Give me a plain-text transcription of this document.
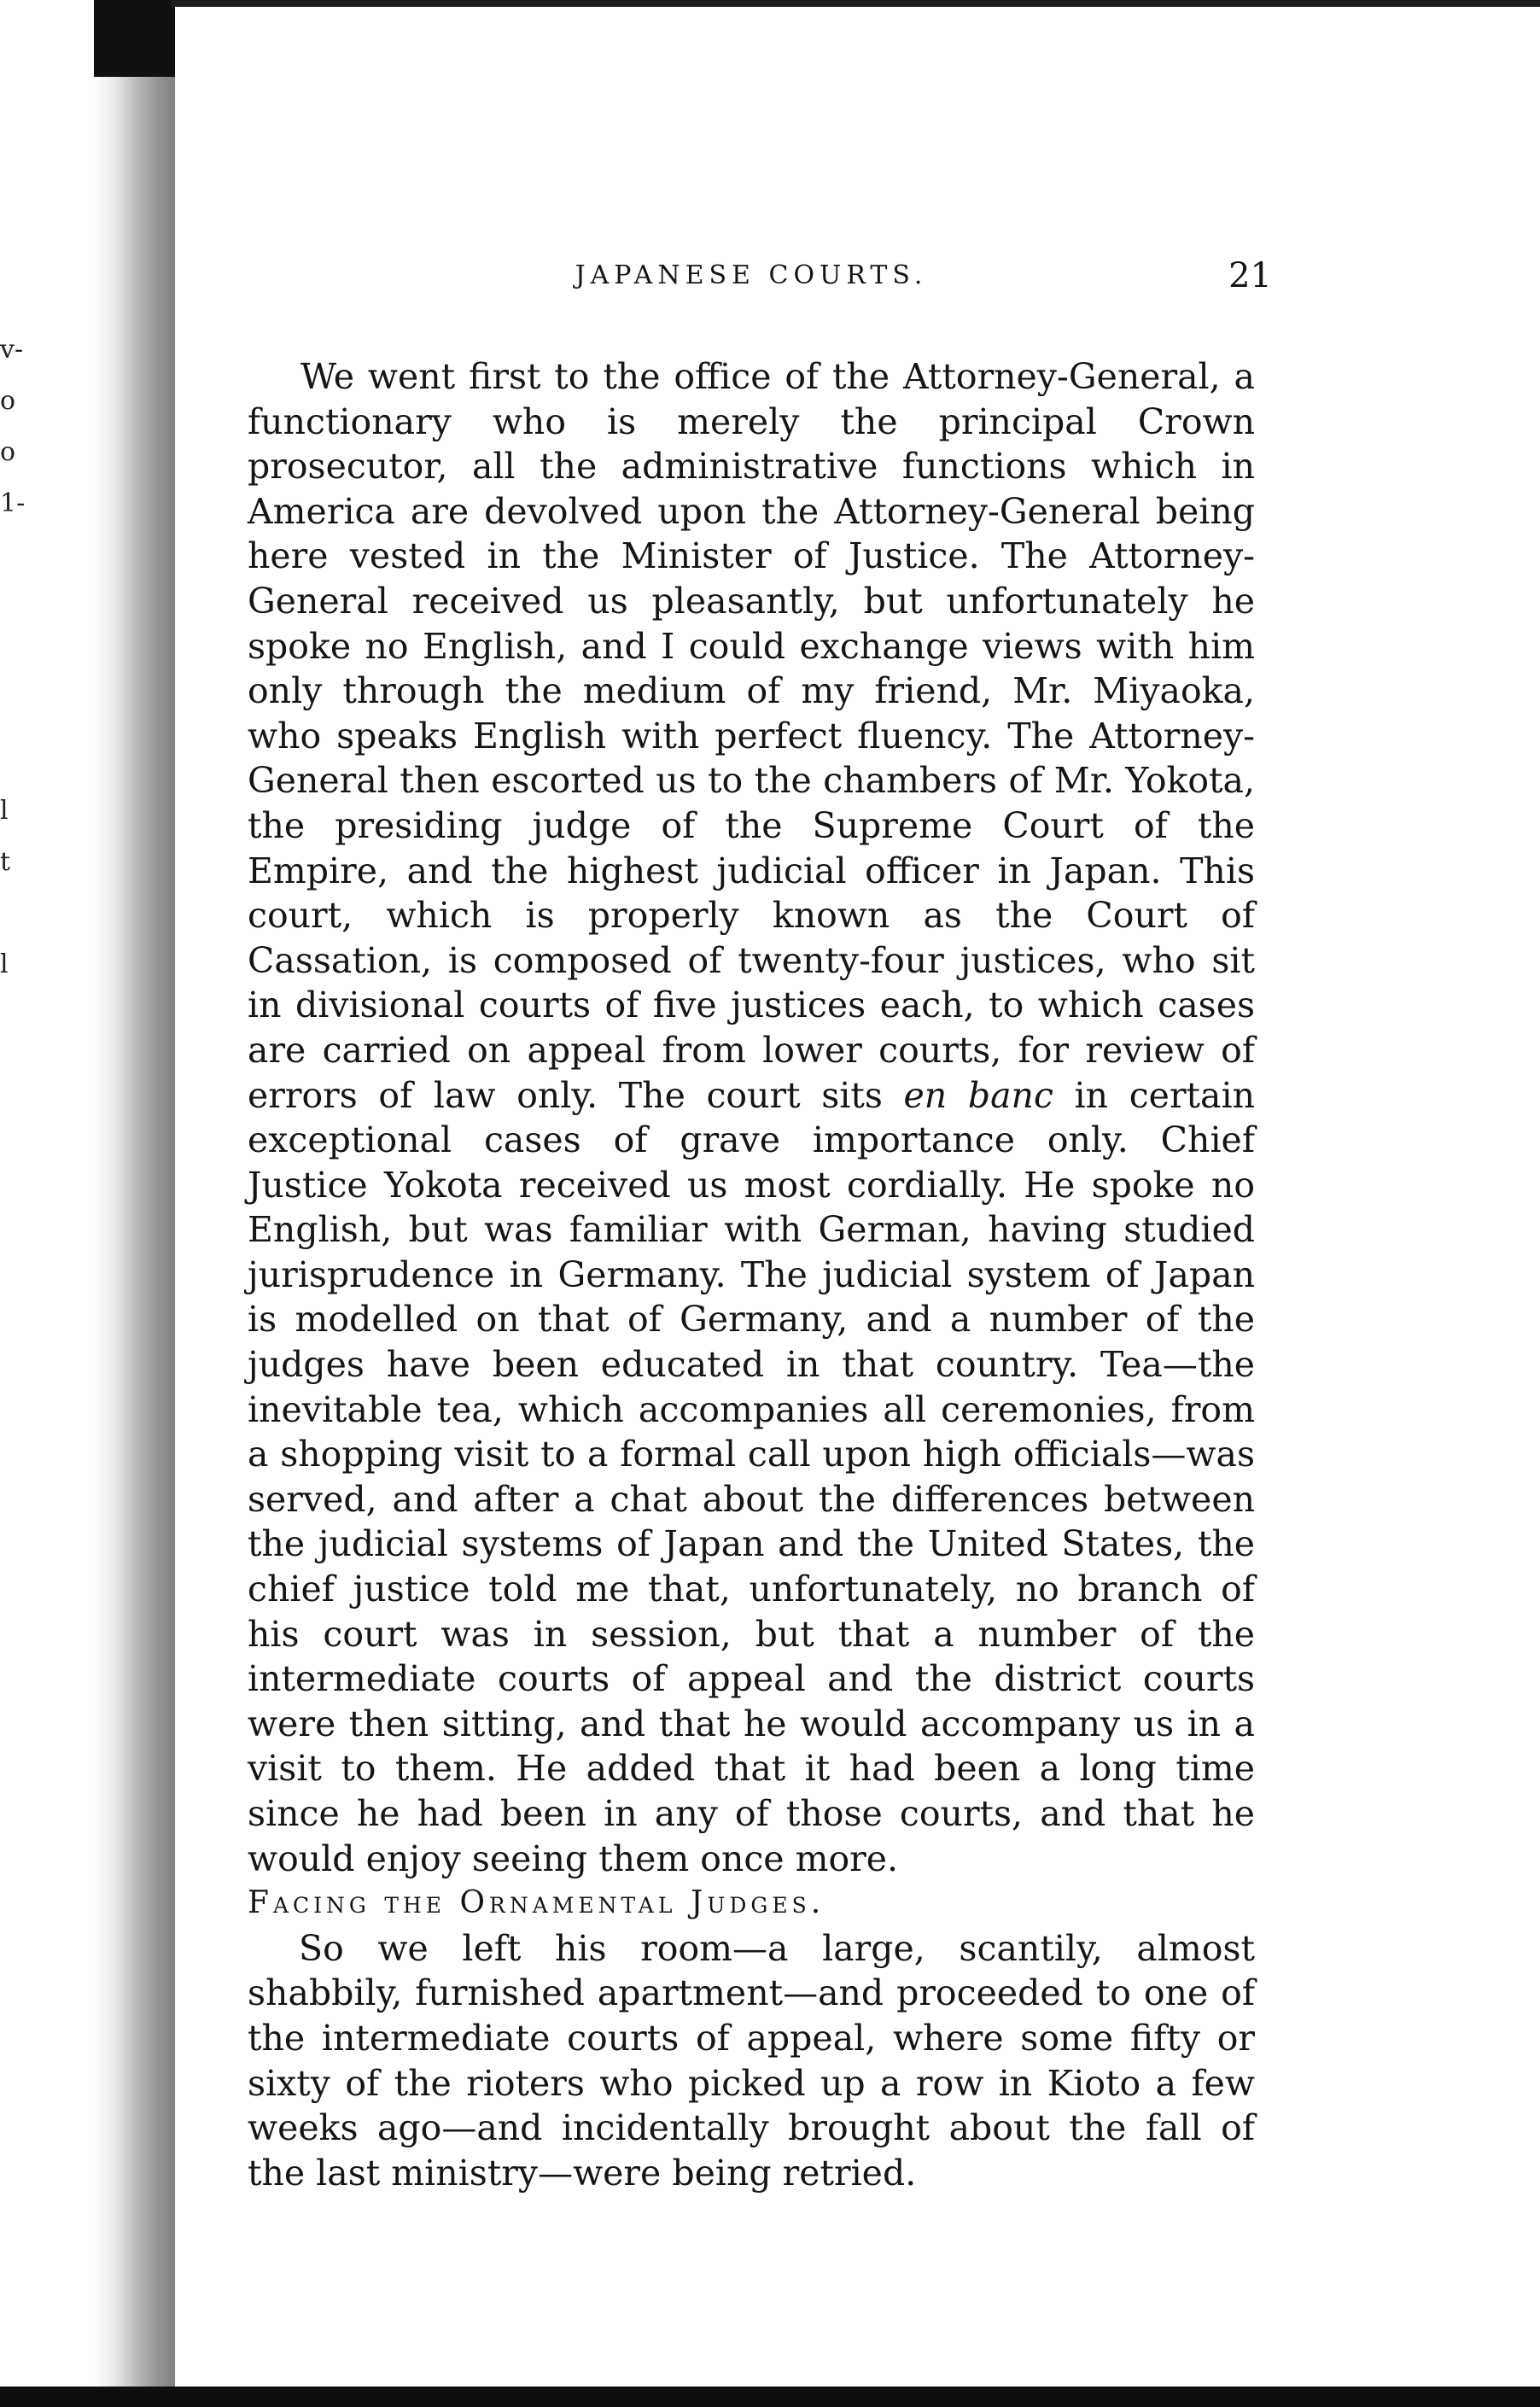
v-
o
o
1-
l
t
l
JAPANESE COURTS.	21

We went first to the office of the Attorney-General, a functionary who is merely the principal Crown prosecutor, all the administrative functions which in America are devolved upon the Attorney-General being here vested in the Minister of Justice. The Attorney-General received us pleasantly, but unfortunately he spoke no English, and I could exchange views with him only through the medium of my friend, Mr. Miyaoka, who speaks English with perfect fluency. The Attorney-General then escorted us to the chambers of Mr. Yokota, the presiding judge of the Supreme Court of the Empire, and the highest judicial officer in Japan. This court, which is properly known as the Court of Cassation, is composed of twenty-four justices, who sit in divisional courts of five justices each, to which cases are carried on appeal from lower courts, for review of errors of law only. The court sits en banc in certain exceptional cases of grave importance only. Chief Justice Yokota received us most cordially. He spoke no English, but was familiar with German, having studied jurisprudence in Germany. The judicial system of Japan is modelled on that of Germany, and a number of the judges have been educated in that country. Tea—the inevitable tea, which accompanies all ceremonies, from a shopping visit to a formal call upon high officials—was served, and after a chat about the differences between the judicial systems of Japan and the United States, the chief justice told me that, unfortunately, no branch of his court was in session, but that a number of the intermediate courts of appeal and the district courts were then sitting, and that he would accompany us in a visit to them. He added that it had been a long time since he had been in any of those courts, and that he would enjoy seeing them once more.

Facing the Ornamental Judges.

So we left his room—a large, scantily, almost shabbily, furnished apartment—and proceeded to one of the intermediate courts of appeal, where some fifty or sixty of the rioters who picked up a row in Kioto a few weeks ago—and incidentally brought about the fall of the last ministry—were being retried.
